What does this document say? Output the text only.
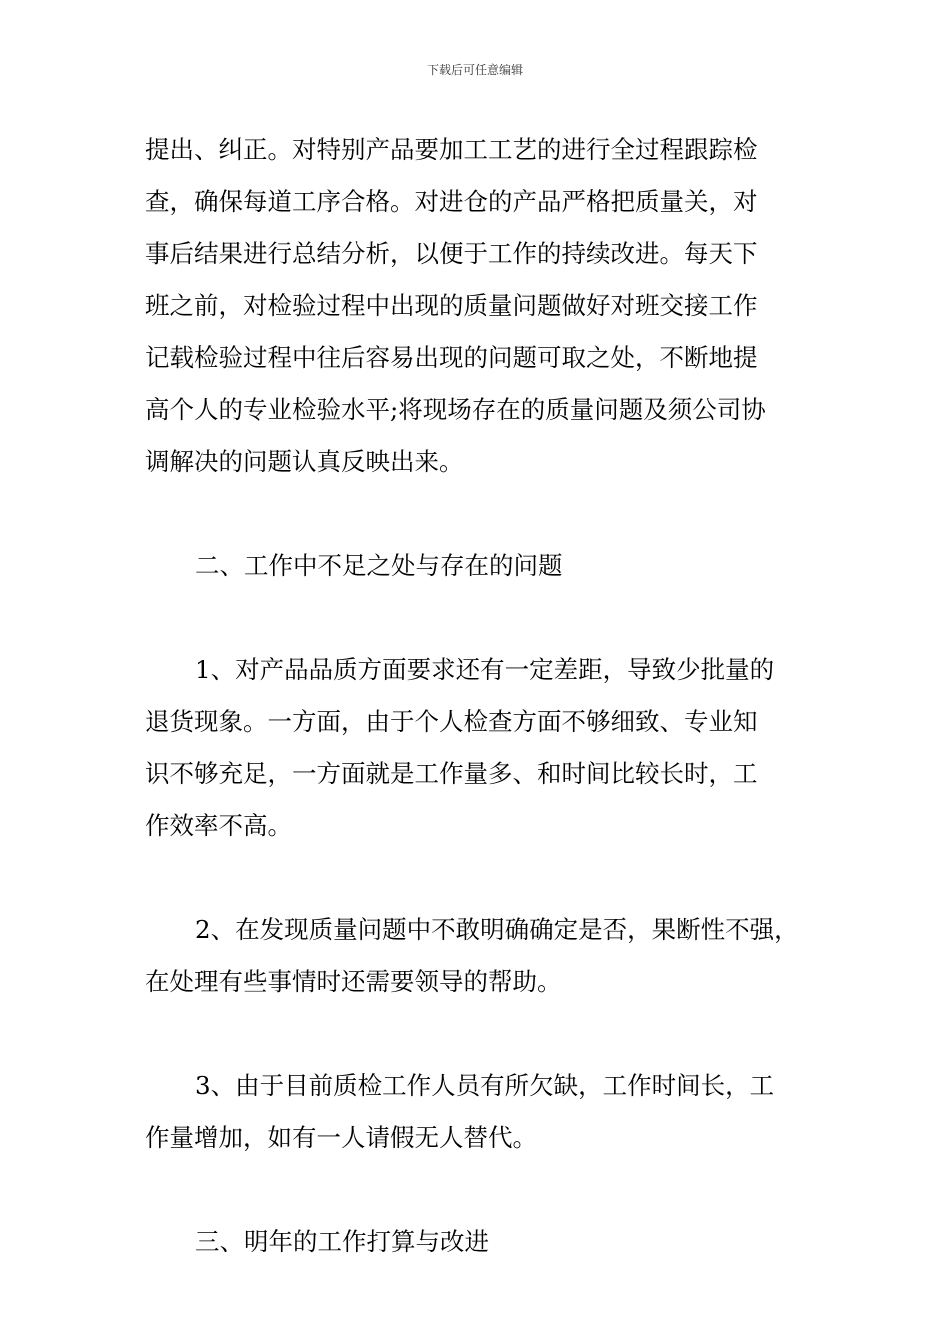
下载后可任意编辑
提出、纠正。对特别产品要加工工艺的进行全过程跟踪检
查，确保每道工序合格。对进仓的产品严格把质量关，对
事后结果进行总结分析，以便于工作的持续改进。每天下
班之前，对检验过程中出现的质量问题做好对班交接工作
记载检验过程中往后容易出现的问题可取之处，不断地提
高个人的专业检验水平;将现场存在的质量问题及须公司协
调解决的问题认真反映出来。
二、工作中不足之处与存在的问题
1、对产品品质方面要求还有一定差距，导致少批量的
退货现象。一方面，由于个人检查方面不够细致、专业知
识不够充足，一方面就是工作量多、和时间比较长时，工
作效率不高。
2、在发现质量问题中不敢明确确定是否，果断性不强，
在处理有些事情时还需要领导的帮助。
3、由于目前质检工作人员有所欠缺，工作时间长，工
作量增加，如有一人请假无人替代。
三、明年的工作打算与改进
